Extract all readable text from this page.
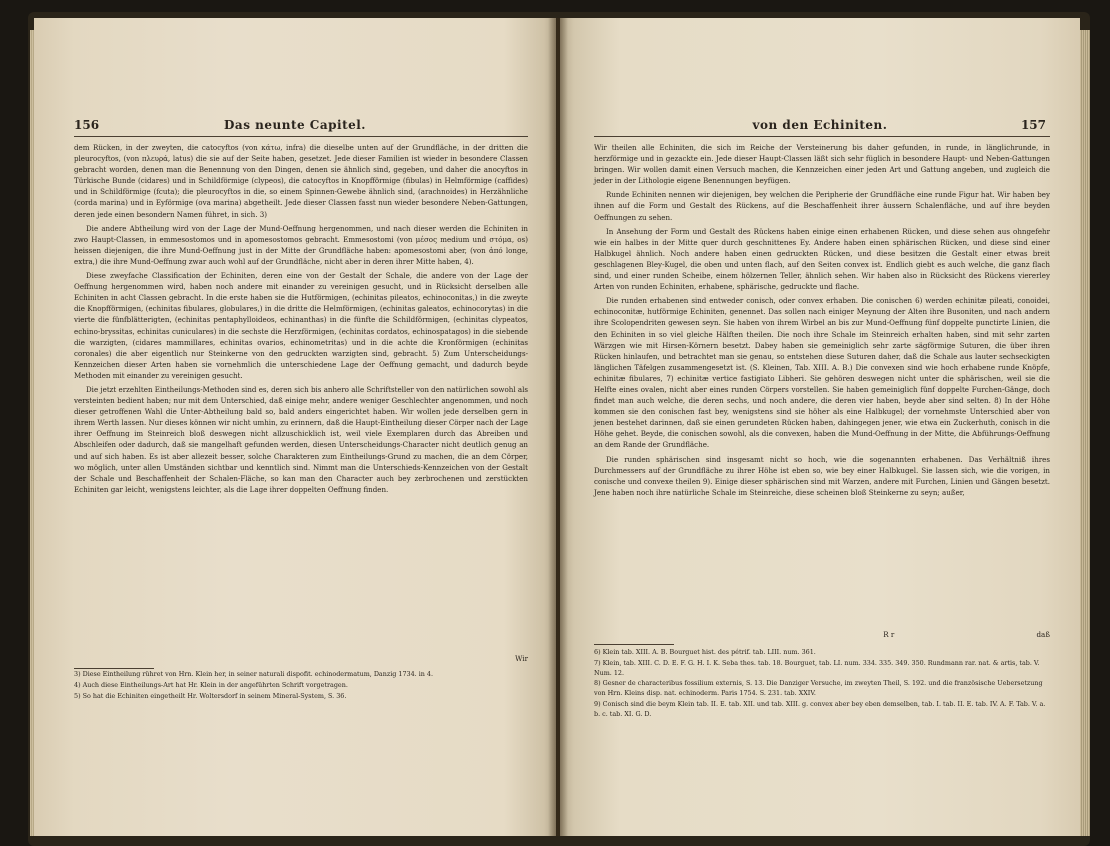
156	Das neunte Capitel.

dem Rücken, in der zweyten, die catocyftos (von κάτω, infra) die dieselbe unten auf der Grundfläche, in der dritten die pleurocyftos, (von πλευρά, latus) die sie auf der Seite haben, gesetzet. Jede dieser Familien ist wieder in besondere Classen gebracht worden, denen man die Benennung von den Dingen, denen sie ähnlich sind, gegeben, und daher die anocyftos in Türkische Bunde (cidares) und in Schildförmige (clypeos), die catocyftos in Knopfförmige (fibulas) in Helmförmige (caffides) und in Schildförmige (fcuta); die pleurocyftos in die, so einem Spinnen-Gewebe ähnlich sind, (arachnoides) in Herzähnliche (corda marina) und in Eyförmige (ova marina) abgetheilt. Jede dieser Classen fasst nun wieder besondere Neben-Gattungen, deren jede einen besondern Namen führet, in sich. 3)

Die andere Abtheilung wird von der Lage der Mund-Oeffnung hergenommen, und nach dieser werden die Echiniten in zwo Haupt-Classen, in emmesostomos und in apomesostomos gebracht. Emmesostomi (von μέσος medium und στόμα, os) heissen diejenigen, die ihre Mund-Oeffnung just in der Mitte der Grundfläche haben: apomesostomi aber, (von ἀπό longe, extra,) die ihre Mund-Oeffnung zwar auch wohl auf der Grundfläche, nicht aber in deren ihrer Mitte haben, 4).

Diese zweyfache Classification der Echiniten, deren eine von der Gestalt der Schale, die andere von der Lage der Oeffnung hergenommen wird, haben noch andere mit einander zu vereinigen gesucht, und in Rücksicht derselben alle Echiniten in acht Classen gebracht. In die erste haben sie die Hutförmigen, (echinitas pileatos, echinoconitas,) in die zweyte die Knopfförmigen, (echinitas fibulares, globulares,) in die dritte die Helmförmigen, (echinitas galeatos, echinocorytas) in die vierte die fünfblätterigten, (echinitas pentaphylloideos, echinanthas) in die fünfte die Schildförmigen, (echinitas clypeatos, echino-bryssitas, echinitas cuniculares) in die sechste die Herzförmigen, (echinitas cordatos, echinospatagos) in die siebende die warzigten, (cidares mammillares, echinitas ovarios, echinometritas) und in die achte die Kronförmigen (echinitas coronales) die aber eigentlich nur Steinkerne von den gedruckten warzigten sind, gebracht. 5) Zum Unterscheidungs-Kennzeichen dieser Arten haben sie vornehmlich die unterschiedene Lage der Oeffnung gemacht, und dadurch beyde Methoden mit einander zu vereinigen gesucht.

Die jetzt erzehlten Eintheilungs-Methoden sind es, deren sich bis anhero alle Schriftsteller von den natürlichen sowohl als versteinten bedient haben; nur mit dem Unterschied, daß einige mehr, andere weniger Geschlechter angenommen, und noch dieser getroffenen Wahl die Unter-Abtheilung bald so, bald anders eingerichtet haben. Wir wollen jede derselben gern in ihrem Werth lassen. Nur dieses können wir nicht umhin, zu erinnern, daß die Haupt-Eintheilung dieser Cörper nach der Lage ihrer Oeffnung im Steinreich bloß deswegen nicht allzuschicklich ist, weil viele Exemplaren durch das Abreiben und Abschleifen oder dadurch, daß sie mangelhaft gefunden werden, diesen Unterscheidungs-Character nicht deutlich genug an und auf sich haben. Es ist aber allezeit besser, solche Charakteren zum Eintheilungs-Grund zu machen, die an dem Cörper, wo möglich, unter allen Umständen sichtbar und kenntlich sind. Nimmt man die Unterschieds-Kennzeichen von der Gestalt der Schale und Beschaffenheit der Schalen-Fläche, so kan man den Character auch bey zerbrochenen und zerstückten Echiniten gar leicht, wenigstens leichter, als die Lage ihrer doppelten Oeffnung finden.

Wir
3) Diese Eintheilung rühret von Hrn. Klein her, in seiner naturali dispofit. echinodermatum, Danzig 1734. in 4.
4) Auch diese Eintheilungs-Art hat Hr. Klein in der angeführten Schrift vorgetragen.
5) So hat die Echiniten eingetheilt Hr. Woltersdorf in seinem Mineral-System, S. 36.
von den Echiniten.	157

Wir theilen alle Echiniten, die sich im Reiche der Versteinerung bis daher gefunden, in runde, in länglichrunde, in herzförmige und in gezackte ein. Jede dieser Haupt-Classen läßt sich sehr füglich in besondere Haupt- und Neben-Gattungen bringen. Wir wollen damit einen Versuch machen, die Kennzeichen einer jeden Art und Gattung angeben, und zugleich die jeder in der Lithologie eigene Benennungen beyfügen.

Runde Echiniten nennen wir diejenigen, bey welchen die Peripherie der Grundfläche eine runde Figur hat. Wir haben bey ihnen auf die Form und Gestalt des Rückens, auf die Beschaffenheit ihrer äussern Schalenfläche, und auf ihre beyden Oeffnungen zu sehen.

In Ansehung der Form und Gestalt des Rückens haben einige einen erhabenen Rücken, und diese sehen aus ohngefehr wie ein halbes in der Mitte quer durch geschnittenes Ey. Andere haben einen sphärischen Rücken, und diese sind einer Halbkugel ähnlich. Noch andere haben einen gedruckten Rücken, und diese besitzen die Gestalt einer etwas breit geschlagenen Bley-Kugel, die oben und unten flach, auf den Seiten convex ist. Endlich giebt es auch welche, die ganz flach sind, und einer runden Scheibe, einem hölzernen Teller, ähnlich sehen. Wir haben also in Rücksicht des Rückens viererley Arten von runden Echiniten, erhabene, sphärische, gedruckte und flache.

Die runden erhabenen sind entweder conisch, oder convex erhaben. Die conischen 6) werden echinitæ pileati, conoidei, echinoconitæ, hutförmige Echiniten, genennet. Das sollen nach einiger Meynung der Alten ihre Busoniten, und nach andern ihre Scolopendriten gewesen seyn. Sie haben von ihrem Wirbel an bis zur Mund-Oeffnung fünf doppelte punctirte Linien, die den Echiniten in so viel gleiche Hälften theilen. Die noch ihre Schale im Steinreich erhalten haben, sind mit sehr zarten Wärzgen wie mit Hirsen-Körnern besetzt. Dabey haben sie gemeiniglich sehr zarte sägförmige Suturen, die über ihren Rücken hinlaufen, und betrachtet man sie genau, so entstehen diese Suturen daher, daß die Schale aus lauter sechseckigten länglichen Täfelgen zusammengesetzt ist. (S. Kleinen, Tab. XIII. A. B.) Die convexen sind wie hoch erhabene runde Knöpfe, echinitæ fibulares, 7) echinitæ vertice fastigiato Libheri. Sie gehören deswegen nicht unter die sphärischen, weil sie die Helfte eines ovalen, nicht aber eines runden Cörpers vorstellen. Sie haben gemeiniglich fünf doppelte Furchen-Gänge, doch findet man auch welche, die deren sechs, und noch andere, die deren vier haben, beyde aber sind selten. 8) In der Höhe kommen sie den conischen fast bey, wenigstens sind sie höher als eine Halbkugel; der vornehmste Unterschied aber von jenen bestehet darinnen, daß sie einen gerundeten Rücken haben, dahingegen jener, wie etwa ein Zuckerhuth, conisch in die Höhe gehet. Beyde, die conischen sowohl, als die convexen, haben die Mund-Oeffnung in der Mitte, die Abführungs-Oeffnung an dem Rande der Grundfläche.

Die runden sphärischen sind insgesamt nicht so hoch, wie die sogenannten erhabenen. Das Verhältniß ihres Durchmessers auf der Grundfläche zu ihrer Höhe ist eben so, wie bey einer Halbkugel. Sie lassen sich, wie die vorigen, in conische und convexe theilen 9). Einige dieser sphärischen sind mit Warzen, andere mit Furchen, Linien und Gängen besetzt. Jene haben noch ihre natürliche Schale im Steinreiche, diese scheinen bloß Steinkerne zu seyn; außer,

R r	daß
6) Klein tab. XIII. A. B. Bourguet hist. des pétrif. tab. LIII. num. 361.
7) Klein, tab. XIII. C. D. E. F. G. H. I. K. Seba thes. tab. 18. Bourguet, tab. LI. num. 334. 335. 349. 350. Rundmann rar. nat. & artis, tab. V. Num. 12.
8) Gesner de characteribus fossilium externis, S. 13. Die Danziger Versuche, im zweyten Theil, S. 192. und die französische Uebersetzung von Hrn. Kleins disp. nat. echinoderm. Paris 1754. S. 231. tab. XXIV.
9) Conisch sind die beym Klein tab. II. E. tab. XII. und tab. XIII. g. convex aber bey eben demselben, tab. I. tab. II. E. tab. IV. A. F. Tab. V. a. b. c. tab. XI. G. D.
